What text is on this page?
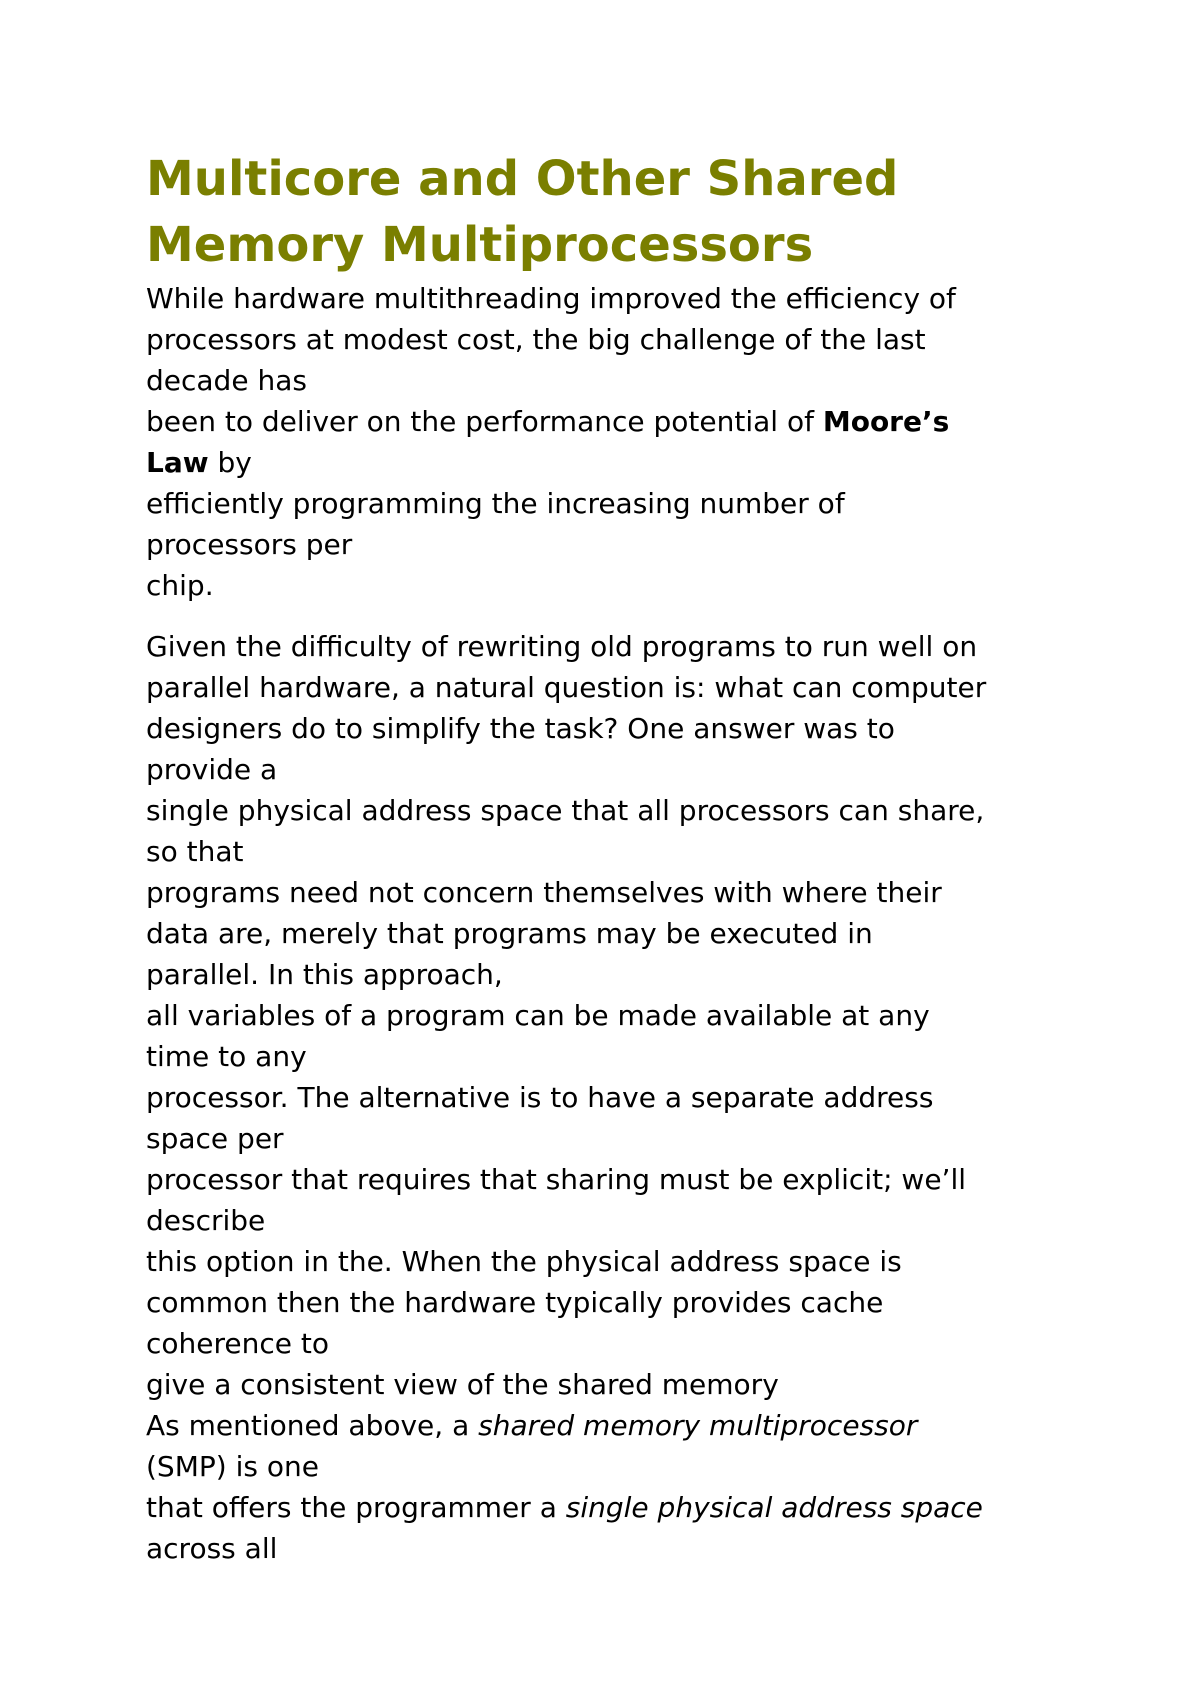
Multicore and Other Shared
Memory Multiprocessors
While hardware multithreading improved the efficiency of
processors at modest cost, the big challenge of the last
decade has
been to deliver on the performance potential of Moore’s
Law by
efficiently programming the increasing number of
processors per
chip.
Given the difficulty of rewriting old programs to run well on
parallel hardware, a natural question is: what can computer
designers do to simplify the task? One answer was to
provide a
single physical address space that all processors can share,
so that
programs need not concern themselves with where their
data are, merely that programs may be executed in
parallel. In this approach,
all variables of a program can be made available at any
time to any
processor. The alternative is to have a separate address
space per
processor that requires that sharing must be explicit; we’ll
describe
this option in the. When the physical address space is
common then the hardware typically provides cache
coherence to
give a consistent view of the shared memory
As mentioned above, a shared memory multiprocessor
(SMP) is one
that offers the programmer a single physical address space
across all
